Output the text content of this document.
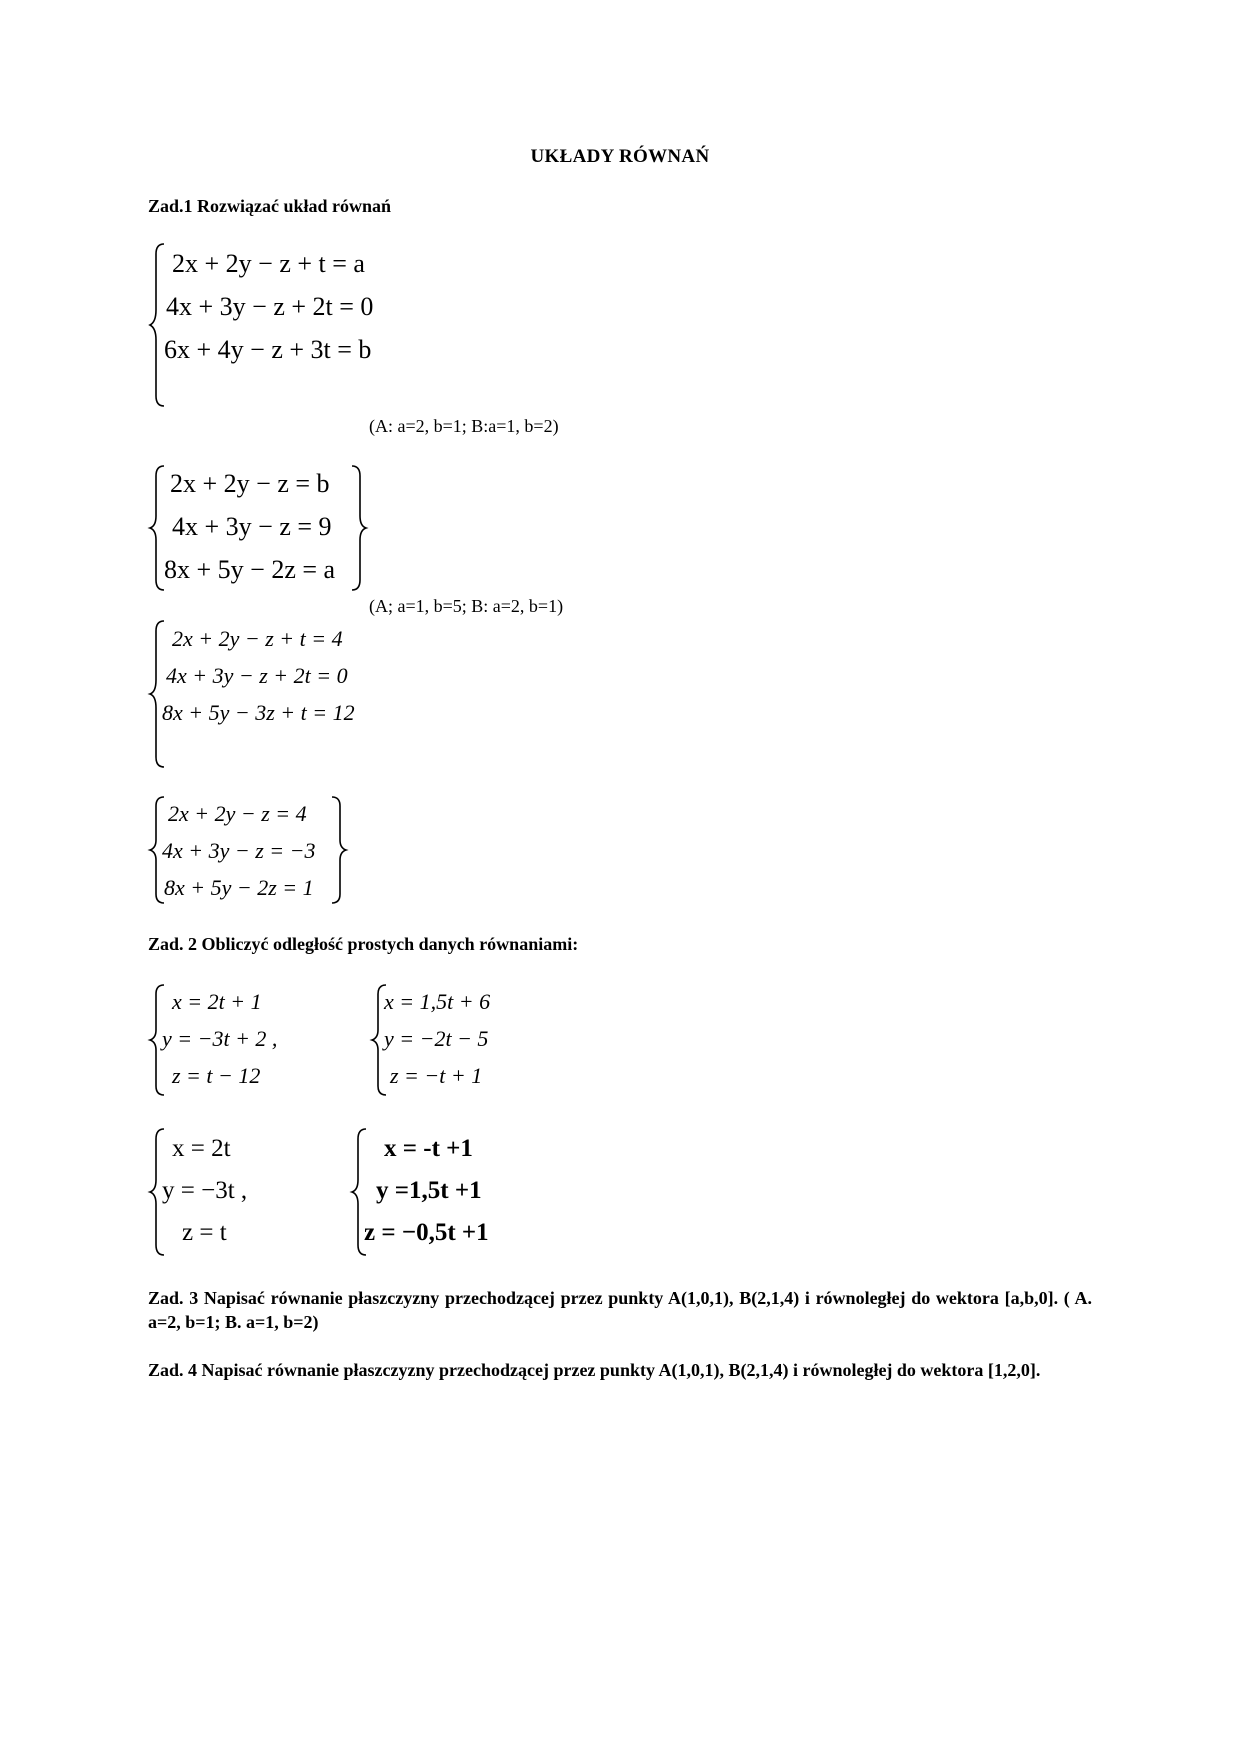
UKŁADY RÓWNAŃ
Zad.1 Rozwiązać układ równań
2x + 2y − z + t = a
4x + 3y − z + 2t = 0
6x + 4y − z + 3t = b
(A: a=2, b=1; B:a=1, b=2)
2x + 2y − z = b
4x + 3y − z = 9
8x + 5y − 2z = a
(A; a=1, b=5; B: a=2, b=1)
2x + 2y − z + t = 4
4x + 3y − z + 2t = 0
8x + 5y − 3z + t = 12
2x + 2y − z = 4
4x + 3y − z = −3
8x + 5y − 2z = 1
Zad. 2 Obliczyć odległość prostych danych równaniami:
x = 2t + 1
y = −3t + 2 ,
z = t − 12
x = 1,5t + 6
y = −2t − 5
z = −t + 1
x = 2t
y = −3t ,
z = t
x = -t +1
y =1,5t +1
z = −0,5t +1
Zad. 3 Napisać równanie płaszczyzny przechodzącej przez punkty A(1,0,1), B(2,1,4) i równoległej do wektora [a,b,0]. ( A. a=2, b=1; B. a=1, b=2)
Zad. 4 Napisać równanie płaszczyzny przechodzącej przez punkty A(1,0,1), B(2,1,4) i równoległej do wektora [1,2,0].
